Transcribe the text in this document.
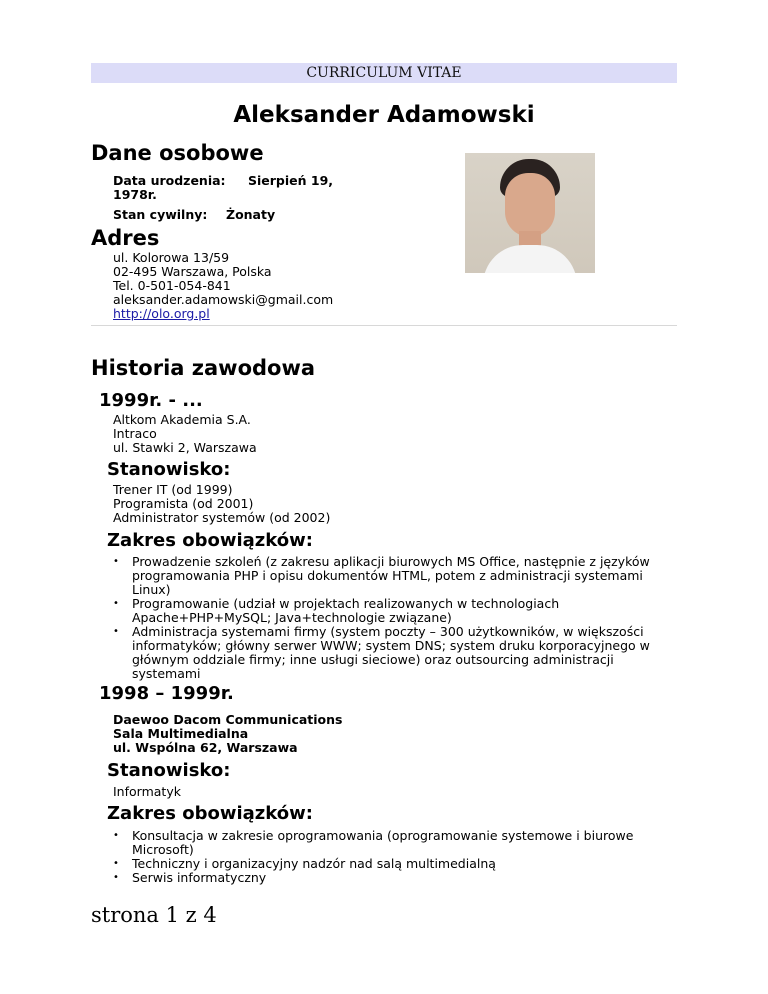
CURRICULUM VITAE
Aleksander Adamowski
Dane osobowe
Data urodzenia: Sierpień 19,
1978r.
Stan cywilny: Żonaty
Adres
ul. Kolorowa 13/59
02-495 Warszawa, Polska
Tel. 0-501-054-841
aleksander.adamowski@gmail.com
http://olo.org.pl
Historia zawodowa
1999r. - ...
Altkom Akademia S.A.
Intraco
ul. Stawki 2, Warszawa
Stanowisko:
Trener IT (od 1999)
Programista (od 2001)
Administrator systemów (od 2002)
Zakres obowiązków:
• Prowadzenie szkoleń (z zakresu aplikacji biurowych MS Office, następnie z języków
programowania PHP i opisu dokumentów HTML, potem z administracji systemami
Linux)
• Programowanie (udział w projektach realizowanych w technologiach
Apache+PHP+MySQL; Java+technologie związane)
• Administracja systemami firmy (system poczty – 300 użytkowników, w większości
informatyków; główny serwer WWW; system DNS; system druku korporacyjnego w
głównym oddziale firmy; inne usługi sieciowe) oraz outsourcing administracji
systemami
1998 – 1999r.
Daewoo Dacom Communications
Sala Multimedialna
ul. Wspólna 62, Warszawa
Stanowisko:
Informatyk
Zakres obowiązków:
• Konsultacja w zakresie oprogramowania (oprogramowanie systemowe i biurowe
Microsoft)
• Techniczny i organizacyjny nadzór nad salą multimedialną
• Serwis informatyczny
strona 1 z 4
